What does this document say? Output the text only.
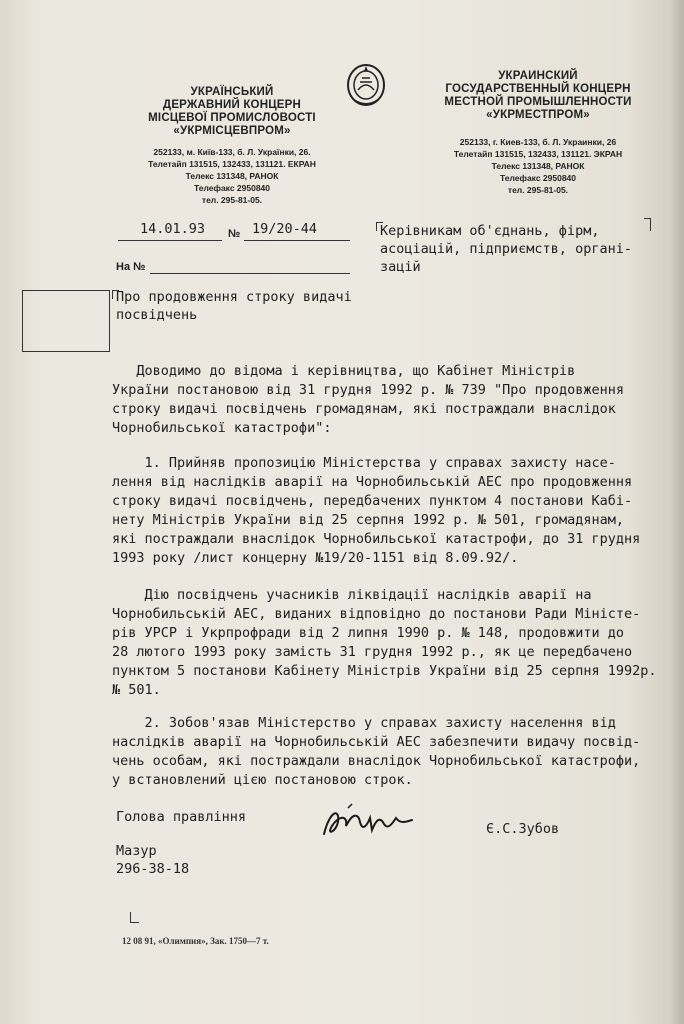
УКРАЇНСЬКИЙ
ДЕРЖАВНИЙ КОНЦЕРН
МІСЦЕВОЇ ПРОМИСЛОВОСТІ
«УКРМІСЦЕВПРОМ»
252133, м. Київ-133, б. Л. Українки, 26.
Телетайп 131515, 132433, 131121. ЕКРАН
Телекс 131348, РАНОК
Телефакс 2950840
тел. 295-81-05.
УКРАИНСКИЙ
ГОСУДАРСТВЕННЫЙ КОНЦЕРН
МЕСТНОЙ ПРОМЫШЛЕННОСТИ
«УКРМЕСТПРОМ»
252133, г. Киев-133, б. Л. Украинки, 26
Телетайп 131515, 132433, 131121. ЭКРАН
Телекс 131348, РАНОК
Телефакс 2950840
тел. 295-81-05.
14.01.93 № 19/20-44
На №
Керівникам об'єднань, фірм,
асоціацій, підприємств, органі-
зацій
Про продовження строку видачі
посвідчень
Доводимо до відома і керівництва, що Кабінет Міністрів
України постановою від 31 грудня 1992 р. № 739 "Про продовження
строку видачі посвідчень громадянам, які постраждали внаслідок
Чорнобильської катастрофи":
1. Прийняв пропозицію Міністерства у справах захисту насе-
лення від наслідків аварії на Чорнобильській АЕС про продовження
строку видачі посвідчень, передбачених пунктом 4 постанови Кабі-
нету Міністрів України від 25 серпня 1992 р. № 501, громадянам,
які постраждали внаслідок Чорнобильської катастрофи, до 31 грудня
1993 року /лист концерну №19/20-1151 від 8.09.92/.
Дію посвідчень учасників ліквідації наслідків аварії на
Чорнобильській АЕС, виданих відповідно до постанови Ради Міністе-
рів УРСР і Укрпрофради від 2 липня 1990 р. № 148, продовжити до
28 лютого 1993 року замість 31 грудня 1992 р., як це передбачено
пунктом 5 постанови Кабінету Міністрів України від 25 серпня 1992р.
№ 501.
2. Зобов'язав Міністерство у справах захисту населення від
наслідків аварії на Чорнобильській АЕС забезпечити видачу посвід-
чень особам, які постраждали внаслідок Чорнобильської катастрофи,
у встановлений цією постановою строк.
Голова правління
Є.С.Зубов
Мазур
296-38-18
12 08 91, «Олимпия», Зак. 1750—7 т.
